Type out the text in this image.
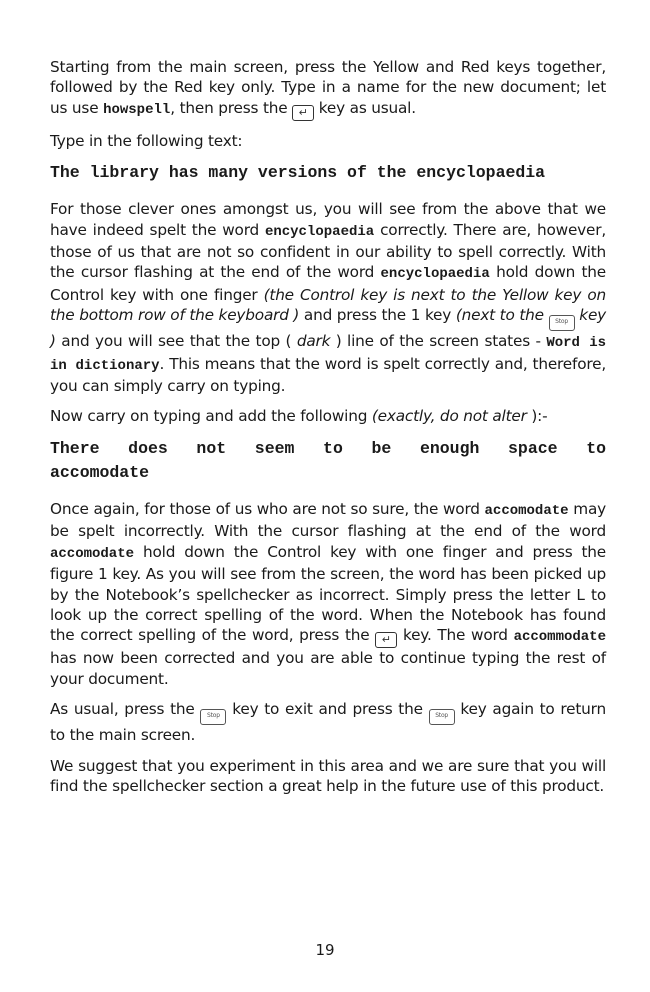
Starting from the main screen, press the Yellow and Red keys together, followed by the Red key only. Type in a name for the new document; let us use howspell, then press the ↵ key as usual.

Type in the following text:

The library has many versions of the encyclopaedia

For those clever ones amongst us, you will see from the above that we have indeed spelt the word encyclopaedia correctly. There are, however, those of us that are not so confident in our ability to spell correctly. With the cursor flashing at the end of the word encyclopaedia hold down the Control key with one finger (the Control key is next to the Yellow key on the bottom row of the keyboard ) and press the 1 key (next to the Stop key ) and you will see that the top ( dark ) line of the screen states - Word is in dictionary. This means that the word is spelt correctly and, therefore, you can simply carry on typing.

Now carry on typing and add the following (exactly, do not alter ):-

There does not seem to be enough space to
accomodate

Once again, for those of us who are not so sure, the word accomodate may be spelt incorrectly. With the cursor flashing at the end of the word accomodate hold down the Control key with one finger and press the figure 1 key. As you will see from the screen, the word has been picked up by the Notebook’s spellchecker as incorrect. Simply press the letter L to look up the correct spelling of the word. When the Notebook has found the correct spelling of the word, press the ↵ key. The word accommodate has now been corrected and you are able to continue typing the rest of your document.

As usual, press the Stop key to exit and press the Stop key again to return to the main screen.

We suggest that you experiment in this area and we are sure that you will find the spellchecker section a great help in the future use of this product.

19
